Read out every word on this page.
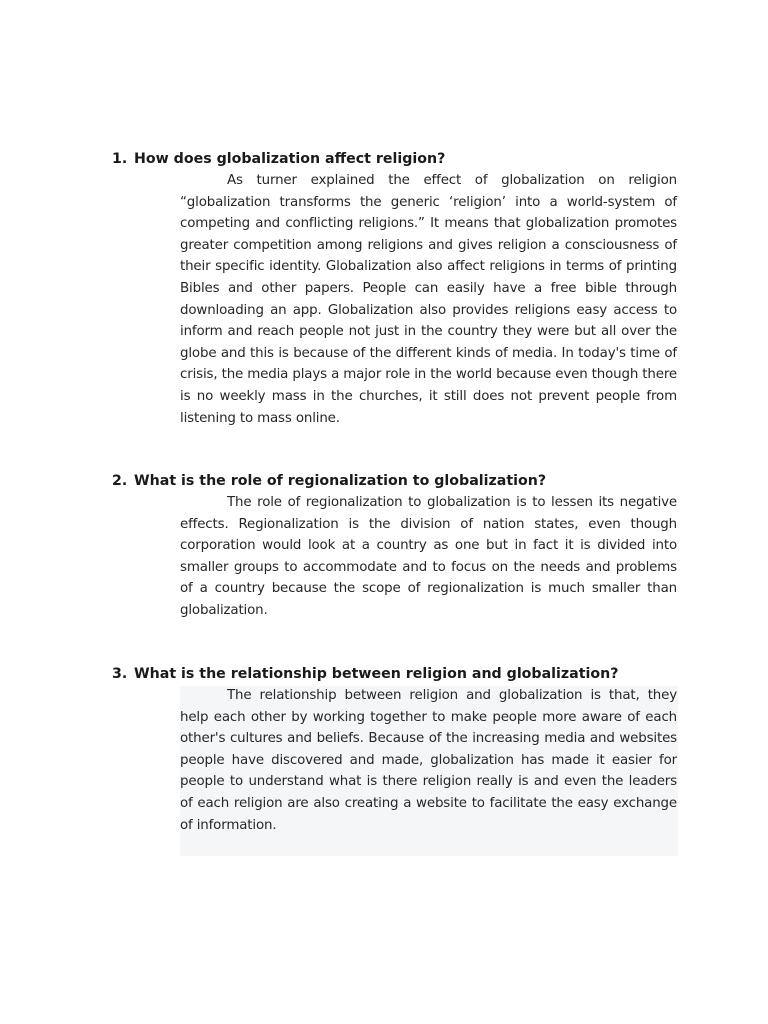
1. How does globalization affect religion?

As turner explained the effect of globalization on religion “globalization transforms the generic ‘religion’ into a world-system of competing and conflicting religions.” It means that globalization promotes greater competition among religions and gives religion a consciousness of their specific identity. Globalization also affect religions in terms of printing Bibles and other papers. People can easily have a free bible through downloading an app. Globalization also provides religions easy access to inform and reach people not just in the country they were but all over the globe and this is because of the different kinds of media. In today's time of crisis, the media plays a major role in the world because even though there is no weekly mass in the churches, it still does not prevent people from listening to mass online.

2. What is the role of regionalization to globalization?

The role of regionalization to globalization is to lessen its negative effects. Regionalization is the division of nation states, even though corporation would look at a country as one but in fact it is divided into smaller groups to accommodate and to focus on the needs and problems of a country because the scope of regionalization is much smaller than globalization.

3. What is the relationship between religion and globalization?

The relationship between religion and globalization is that, they help each other by working together to make people more aware of each other's cultures and beliefs. Because of the increasing media and websites people have discovered and made, globalization has made it easier for people to understand what is there religion really is and even the leaders of each religion are also creating a website to facilitate the easy exchange of information.
